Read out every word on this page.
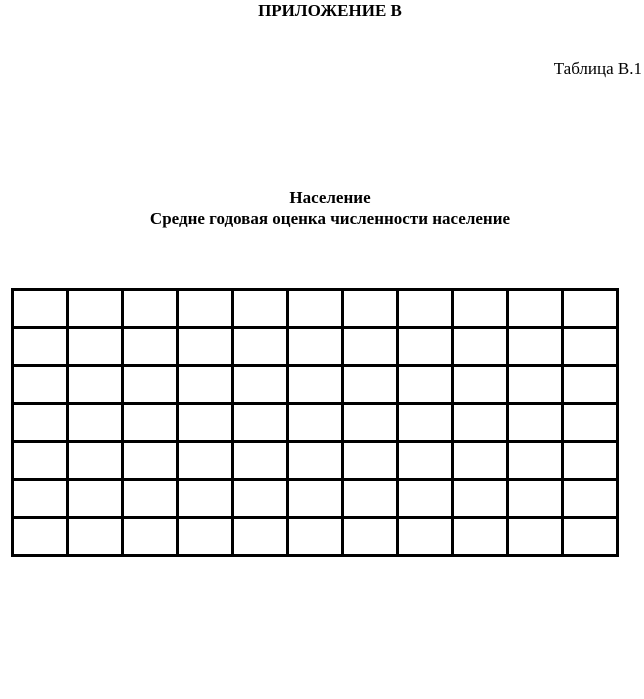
ПРИЛОЖЕНИЕ В
Таблица В.1
Население
Средне годовая оценка численности население
